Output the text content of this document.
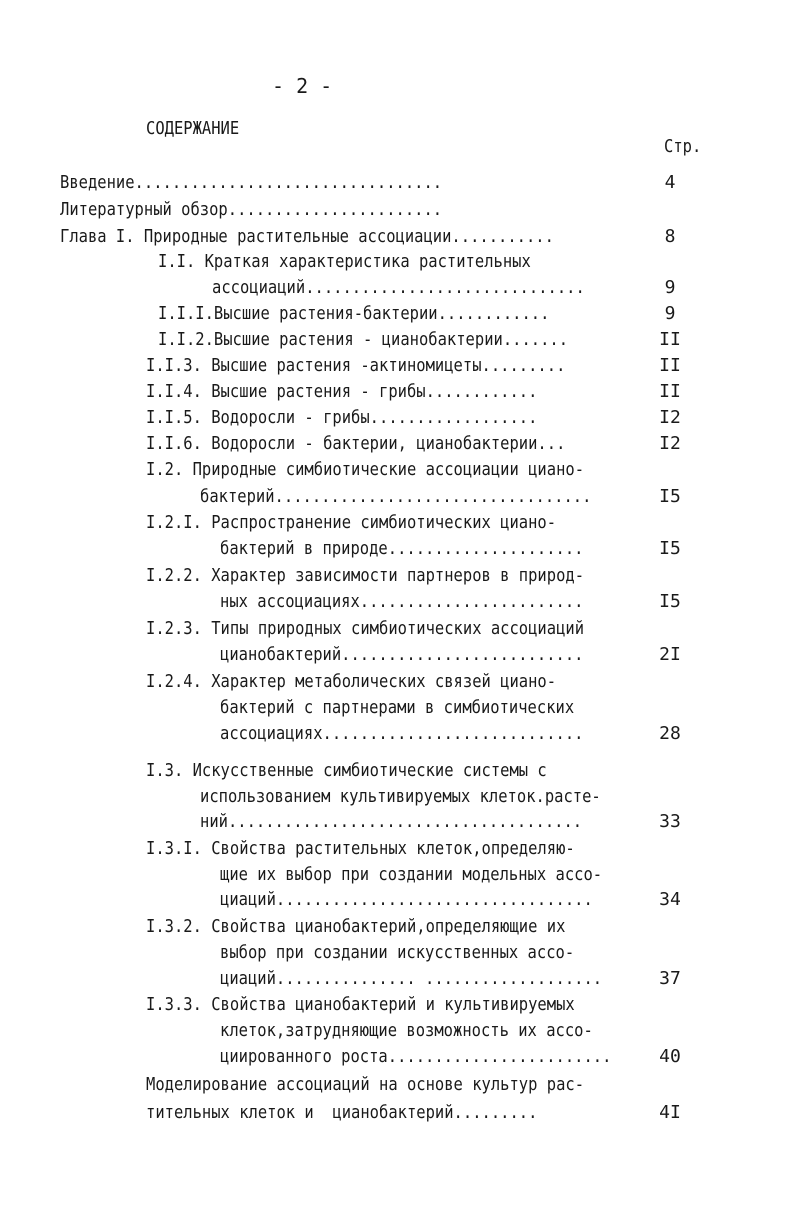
- 2 -
СОДЕРЖАНИЕ
Стр.
Введение.................................	4
Литературный обзор.......................
Глава I. Природные растительные ассоциации...........	8
I.I. Краткая характеристика растительных
ассоциаций..............................	9
I.I.I.Высшие растения-бактерии............	9
I.I.2.Высшие растения - цианобактерии.......	II
I.I.3. Высшие растения -актиномицеты.........	II
I.I.4. Высшие растения - грибы............	II
I.I.5. Водоросли - грибы..................	I2
I.I.6. Водоросли - бактерии, цианобактерии...	I2
I.2. Природные симбиотические ассоциации циано-
бактерий..................................	I5
I.2.I. Распространение симбиотических циано-
бактерий в природе.....................	I5
I.2.2. Характер зависимости партнеров в природ-
ных ассоциациях........................	I5
I.2.3. Типы природных симбиотических ассоциаций
цианобактерий..........................	2I
I.2.4. Характер метаболических связей циано-
бактерий с партнерами в симбиотических
ассоциациях............................	28
I.3. Искусственные симбиотические системы с
использованием культивируемых клеток.расте-
ний......................................	33
I.3.I. Свойства растительных клеток,определяю-
щие их выбор при создании модельных ассо-
циаций..................................	34
I.3.2. Свойства цианобактерий,определяющие их
выбор при создании искусственных ассо-
циаций............... ...................	37
I.3.3. Свойства цианобактерий и культивируемых
клеток,затрудняющие возможность их ассо-
циированного роста........................	40
Моделирование ассоциаций на основе культур рас-
тительных клеток и  цианобактерий.........	4I
